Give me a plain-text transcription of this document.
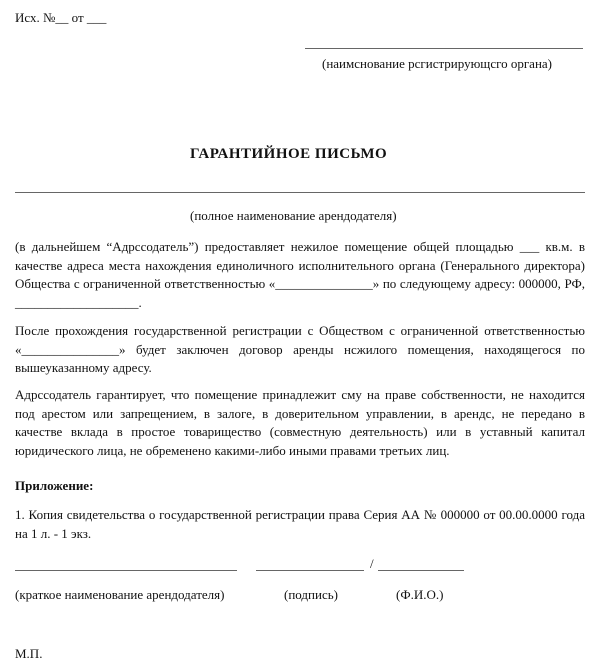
Исх. №__ от ___
(наимснование рсгистрирующсго органа)
ГАРАНТИЙНОЕ ПИСЬМО
(полное наименование арендодателя)
(в дальнейшем “Адрссодатель”) предоставляет нежилое помещение общей площадью ___ кв.м. в качестве адреса места нахождения единоличного исполнительного органа (Генерального директора) Общества с ограниченной ответственностью «_______________» по следующему адресу: 000000, РФ, ___________________.
После прохождения государственной регистрации с Обществом с ограниченной ответственностью «_______________» будет заключен договор аренды нсжилого помещения, находящегося по вышеуказанному адресу.
Адрсcодатель гарантирует, что помещение принадлежит сму на праве собственности, не находится под арестом или запрещением, в залоге, в доверительном управлении, в арендс, не передано в качестве вклада в простое товарищество (совместную деятельность) или в уставный капитал юридического лица, не обременено какими-либо иными правами третьих лиц.
Приложение:
1. Копия свидетельства о государственной регистрации права Серия АА № 000000 от 00.00.0000 года на 1 л. - 1 экз.
/
(краткое наименование арендодателя)	(подпись)	(Ф.И.О.)
М.П.
